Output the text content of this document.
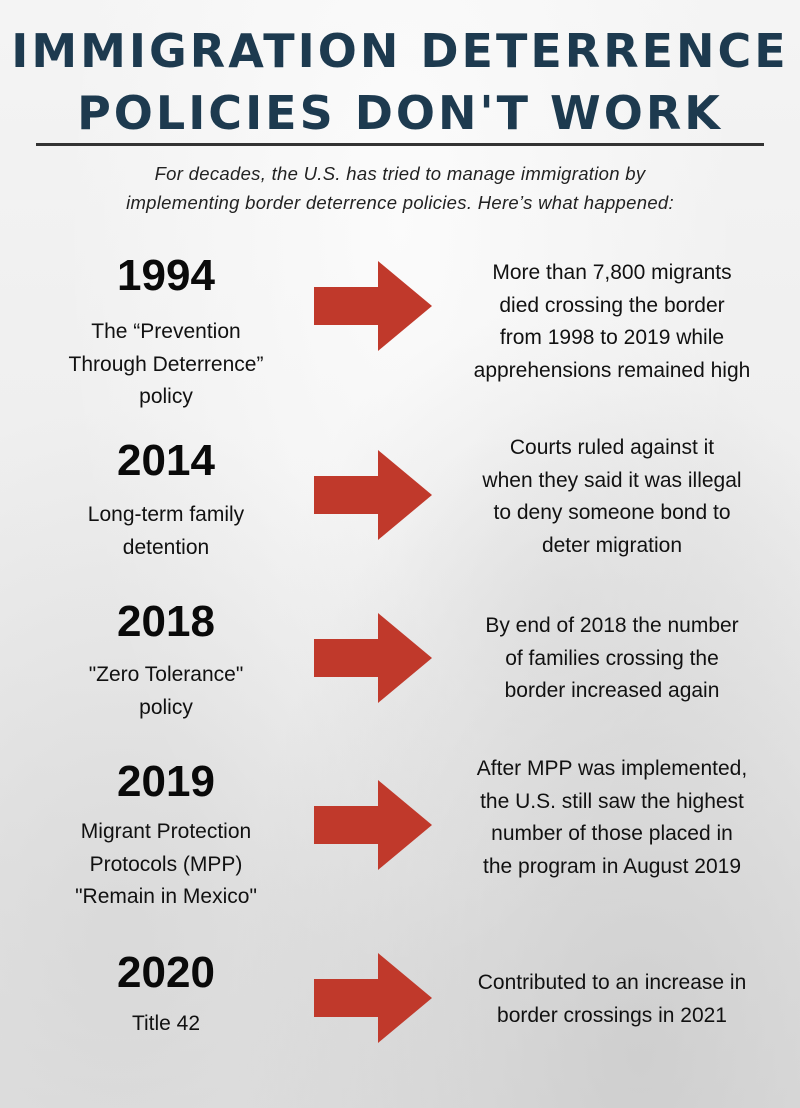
IMMIGRATION DETERRENCE
POLICIES DON'T WORK
For decades, the U.S. has tried to manage immigration by
implementing border deterrence policies. Here’s what happened:
1994
The “Prevention
Through Deterrence”
policy
More than 7,800 migrants
died crossing the border
from 1998 to 2019 while
apprehensions remained high
2014
Long-term family
detention
Courts ruled against it
when they said it was illegal
to deny someone bond to
deter migration
2018
"Zero Tolerance"
policy
By end of 2018 the number
of families crossing the
border increased again
2019
Migrant Protection
Protocols (MPP)
"Remain in Mexico"
After MPP was implemented,
the U.S. still saw the highest
number of those placed in
the program in August 2019
2020
Title 42
Contributed to an increase in
border crossings in 2021
